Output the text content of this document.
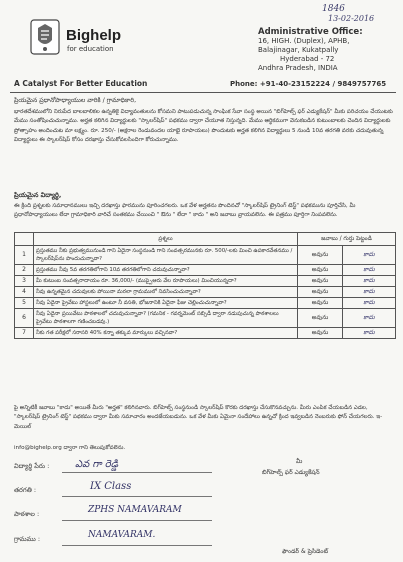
1846
13-02-2016
Bighelp
for education
A Catalyst For Better Education
Administrative Office:
16, HIGH. (Duplex), APHB,
Balajinagar, Kukatpally
Hyderabad - 72
Andhra Pradesh, INDIA
Phone: +91-40-23152224 / 9849757765
ప్రియమైన ప్రధానోపాధ్యాయుల వారికి / గ్రామాధికారి,
భారతదేశములోని నిరుపేద బాలబాలికల ఉన్నతికై విద్యావంతులను కోసమని పాటుపడుచున్న సాంఘిక సేవా సంస్థ అయిన "బిగ్‌హెల్ప్ ఫర్ ఎడ్యుకేషన్" మీకు పరిచయం చేయుటకు మేము సంతోషించుచున్నాము. అర్హత కలిగిన విద్యార్థులకు "స్కాలర్‌షిప్" పథకము ద్వారా చేయూత నిస్తున్నది. మేము ఆర్థికముగా వెనుకబడిన కుటుంబాలకు చెందిన విద్యార్థులకు ప్రోత్సాహం అందించుట మా లక్ష్యం. రూ. 250/- (అక్షరాల రెండువందల యాభై రూపాయలు) పొందుటకు అర్హత కలిగిన విద్యార్థులు 5 నుండి 10వ తరగతి వరకు చదువుతున్న విద్యార్థులు ఈ స్కాలర్‌షిప్ కోసం దరఖాస్తు చేసుకోవలసిందిగా కోరుచున్నాము.
ప్రియమైన విద్యార్థి,
ఈ క్రింది ప్రశ్నలకు సమాధానములు ఇచ్చి దరఖాస్తు ఫారమును పూరించగలరు. ఒక వేళ అర్హతను పొందినచో "స్కాలర్‌షిప్ ట్రైనింగ్ టెస్ట్" పథకమును పూర్తిచేసి, మీ ప్రధానోపాధ్యాయులు లేదా గ్రామాధికారి వారిచే సంతకము చేయించి " ఔను " లేదా " కాదు " అని జవాబు వ్రాయవలెను. ఈ పత్రము పూర్తిగా నింపవలెను.
	ప్రశ్నలు	జవాబు / గుర్తు పెట్టండి	
1	ప్రస్తుతము నీకు ప్రభుత్వమునుండి గాని ఏదైనా సంస్థనుండి గాని సంవత్సరమునకు రూ. 500/-లకు మించి ఉపకారవేతనము / స్కాలర్‌షిప్‌ను పొందుచున్నావా?	అవును	కాదు
2	ప్రస్తుతము నీవు 5వ తరగతిలోగాని 10వ తరగతిలోగాని చదువుచున్నావా?	అవును	కాదు
3	మీ కుటుంబ సంవత్సరాదాయం రూ. 36,000/- (ముప్పైఆరు వేల రూపాయలు) మించియున్నదా?	అవును	కాదు
4	నీవు ఉన్నతమైన చదువులకు పోయినా మరలా గ్రామములో నివసించుచున్నావా?	అవును	కాదు
5	నీవు ఏదైనా ప్రైవేటు హాస్టలులో ఉంటూ నీ వసతి, భోజనానికి ఏదైనా ఫీజు చెల్లించుచున్నావా?	అవును	కాదు
6	నీవు ఏదైనా ప్రయివేటు పాఠశాలలో చదువుచున్నావా? (గమనిక - గవర్నమెంట్ సబ్సిడీ ద్వారా నడుపుచున్న పాఠశాలలు ప్రైవేటు పాఠశాలగా గణించబడవు.)	అవును	కాదు
7	నీకు గత పరీక్షలో సరాసరి 40% కన్నా తక్కువ మార్కులు వచ్చినవా?	అవును	కాదు
పై అన్నిటికీ జవాబు "కాదు" అయితే మీరు "అర్హత" కలిగినవారు. బిగ్‌హెల్ప్ సంస్థనుండి స్కాలర్‌షిప్ కొరకు దరఖాస్తు చేసుకొనవచ్చును. మీరు ఎంపిక చేయబడిన ఎడల, "స్కాలర్‌షిప్ ట్రైనింగ్ టెస్ట్" పథకము ద్వారా మీకు సమాచారం అందజేయబడును. ఒక వేళ మీకు ఏమైనా సందేహాలు ఉన్నచో క్రింద ఇవ్వబడిన నెంబరుకు ఫోన్ చేయగలరు. ఇ-మెయిల్
info@bighelp.org ద్వారా గాని తెలుపుకోవలెను.
విద్యార్థి పేరు :	ఎవ గా రెడ్డి
తరగతి :	IX Class
పాఠశాల :	ZPHS NAMAVARAM
గ్రామము :	NAMAVARAM.
మీ
బిగ్‌హెల్ప్ ఫర్ ఎడ్యుకేషన్
ఫౌండర్ & ప్రెసిడెంట్
